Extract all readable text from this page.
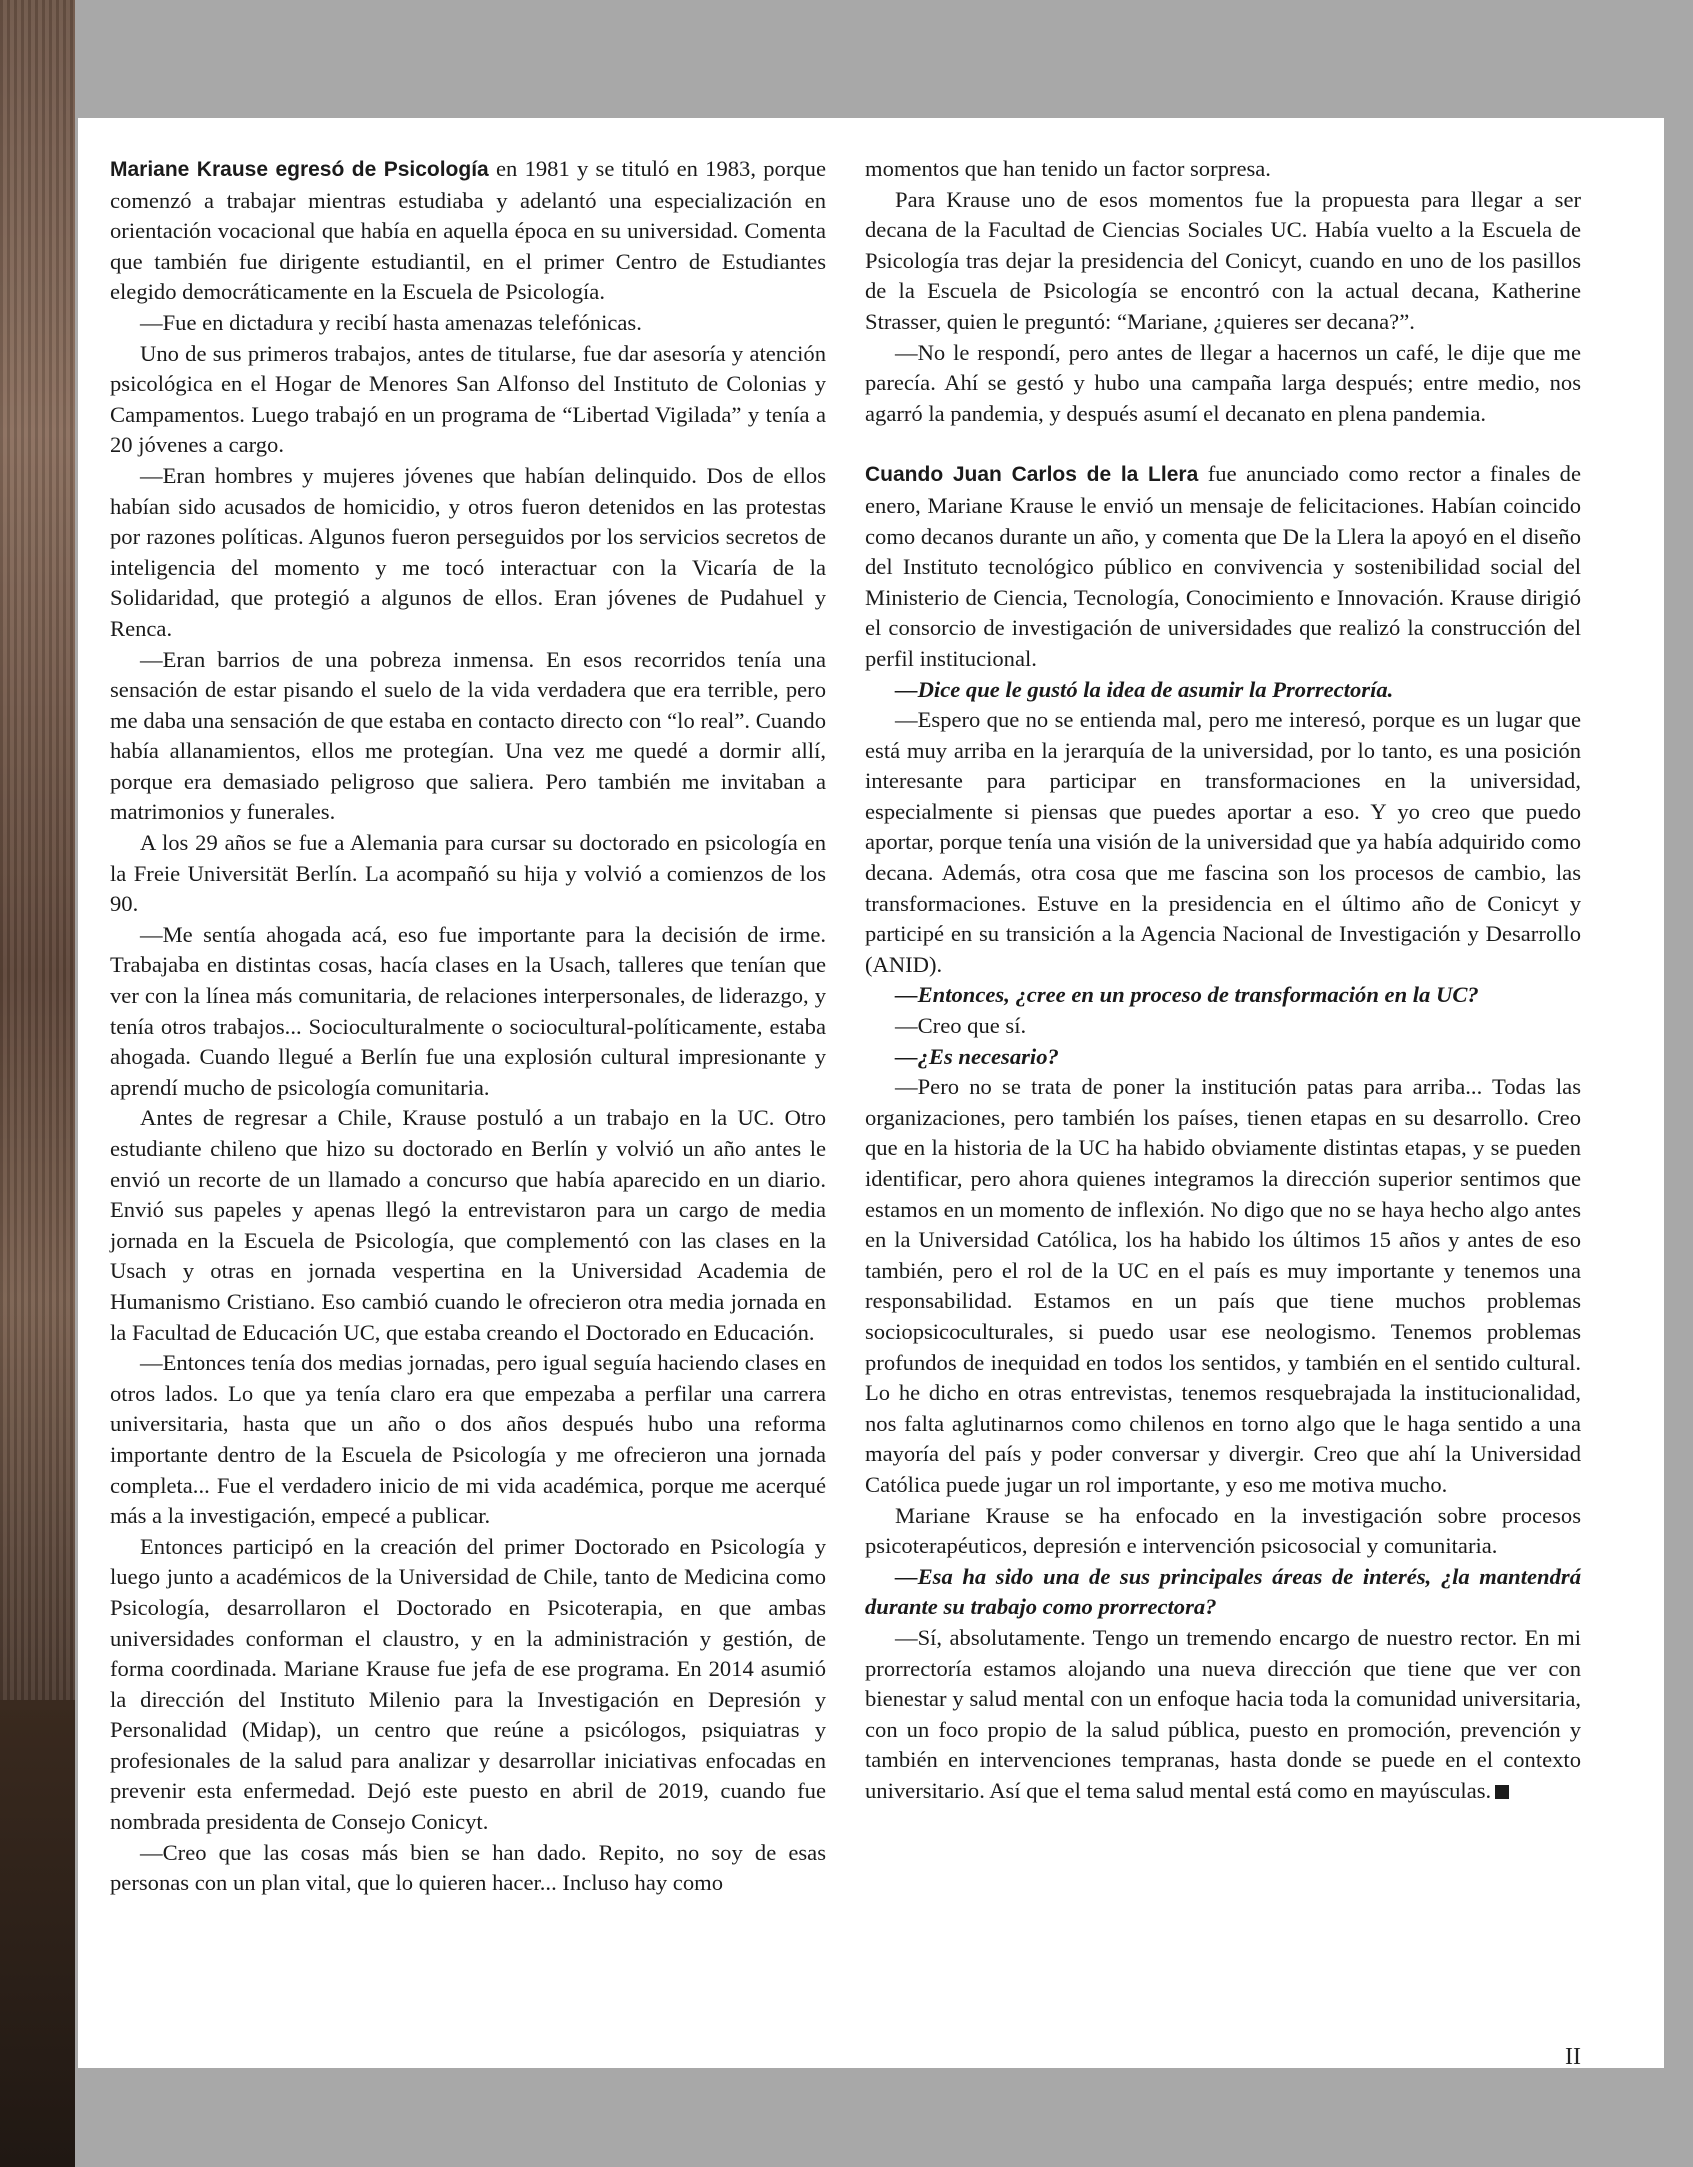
Mariane Krause egresó de Psicología en 1981 y se tituló en 1983, porque comenzó a trabajar mientras estudiaba y adelantó una especialización en orientación vocacional que había en aquella época en su universidad. Comenta que también fue dirigente estudiantil, en el primer Centro de Estudiantes elegido democráticamente en la Escuela de Psicología.

—Fue en dictadura y recibí hasta amenazas telefónicas.

Uno de sus primeros trabajos, antes de titularse, fue dar asesoría y atención psicológica en el Hogar de Menores San Alfonso del Instituto de Colonias y Campamentos. Luego trabajó en un programa de “Libertad Vigilada” y tenía a 20 jóvenes a cargo.

—Eran hombres y mujeres jóvenes que habían delinquido. Dos de ellos habían sido acusados de homicidio, y otros fueron detenidos en las protestas por razones políticas. Algunos fueron perseguidos por los servicios secretos de inteligencia del momento y me tocó interactuar con la Vicaría de la Solidaridad, que protegió a algunos de ellos. Eran jóvenes de Pudahuel y Renca.

—Eran barrios de una pobreza inmensa. En esos recorridos tenía una sensación de estar pisando el suelo de la vida verdadera que era terrible, pero me daba una sensación de que estaba en contacto directo con “lo real”. Cuando había allanamientos, ellos me protegían. Una vez me quedé a dormir allí, porque era demasiado peligroso que saliera. Pero también me invitaban a matrimonios y funerales.

A los 29 años se fue a Alemania para cursar su doctorado en psicología en la Freie Universität Berlín. La acompañó su hija y volvió a comienzos de los 90.

—Me sentía ahogada acá, eso fue importante para la decisión de irme. Trabajaba en distintas cosas, hacía clases en la Usach, talleres que tenían que ver con la línea más comunitaria, de relaciones interpersonales, de liderazgo, y tenía otros trabajos... Socioculturalmente o sociocultural-políticamente, estaba ahogada. Cuando llegué a Berlín fue una explosión cultural impresionante y aprendí mucho de psicología comunitaria.

Antes de regresar a Chile, Krause postuló a un trabajo en la UC. Otro estudiante chileno que hizo su doctorado en Berlín y volvió un año antes le envió un recorte de un llamado a concurso que había aparecido en un diario. Envió sus papeles y apenas llegó la entrevistaron para un cargo de media jornada en la Escuela de Psicología, que complementó con las clases en la Usach y otras en jornada vespertina en la Universidad Academia de Humanismo Cristiano. Eso cambió cuando le ofrecieron otra media jornada en la Facultad de Educación UC, que estaba creando el Doctorado en Educación.

—Entonces tenía dos medias jornadas, pero igual seguía haciendo clases en otros lados. Lo que ya tenía claro era que empezaba a perfilar una carrera universitaria, hasta que un año o dos años después hubo una reforma importante dentro de la Escuela de Psicología y me ofrecieron una jornada completa... Fue el verdadero inicio de mi vida académica, porque me acerqué más a la investigación, empecé a publicar.

Entonces participó en la creación del primer Doctorado en Psicología y luego junto a académicos de la Universidad de Chile, tanto de Medicina como Psicología, desarrollaron el Doctorado en Psicoterapia, en que ambas universidades conforman el claustro, y en la administración y gestión, de forma coordinada. Mariane Krause fue jefa de ese programa. En 2014 asumió la dirección del Instituto Milenio para la Investigación en Depresión y Personalidad (Midap), un centro que reúne a psicólogos, psiquiatras y profesionales de la salud para analizar y desarrollar iniciativas enfocadas en prevenir esta enfermedad. Dejó este puesto en abril de 2019, cuando fue nombrada presidenta de Consejo Conicyt.

—Creo que las cosas más bien se han dado. Repito, no soy de esas personas con un plan vital, que lo quieren hacer... Incluso hay como

momentos que han tenido un factor sorpresa.

Para Krause uno de esos momentos fue la propuesta para llegar a ser decana de la Facultad de Ciencias Sociales UC. Había vuelto a la Escuela de Psicología tras dejar la presidencia del Conicyt, cuando en uno de los pasillos de la Escuela de Psicología se encontró con la actual decana, Katherine Strasser, quien le preguntó: “Mariane, ¿quieres ser decana?”.

—No le respondí, pero antes de llegar a hacernos un café, le dije que me parecía. Ahí se gestó y hubo una campaña larga después; entre medio, nos agarró la pandemia, y después asumí el decanato en plena pandemia.

Cuando Juan Carlos de la Llera fue anunciado como rector a finales de enero, Mariane Krause le envió un mensaje de felicitaciones. Habían coincido como decanos durante un año, y comenta que De la Llera la apoyó en el diseño del Instituto tecnológico público en convivencia y sostenibilidad social del Ministerio de Ciencia, Tecnología, Conocimiento e Innovación. Krause dirigió el consorcio de investigación de universidades que realizó la construcción del perfil institucional.

—Dice que le gustó la idea de asumir la Prorrectoría.

—Espero que no se entienda mal, pero me interesó, porque es un lugar que está muy arriba en la jerarquía de la universidad, por lo tanto, es una posición interesante para participar en transformaciones en la universidad, especialmente si piensas que puedes aportar a eso. Y yo creo que puedo aportar, porque tenía una visión de la universidad que ya había adquirido como decana. Además, otra cosa que me fascina son los procesos de cambio, las transformaciones. Estuve en la presidencia en el último año de Conicyt y participé en su transición a la Agencia Nacional de Investigación y Desarrollo (ANID).

—Entonces, ¿cree en un proceso de transformación en la UC?

—Creo que sí.

—¿Es necesario?

—Pero no se trata de poner la institución patas para arriba... Todas las organizaciones, pero también los países, tienen etapas en su desarrollo. Creo que en la historia de la UC ha habido obviamente distintas etapas, y se pueden identificar, pero ahora quienes integramos la dirección superior sentimos que estamos en un momento de inflexión. No digo que no se haya hecho algo antes en la Universidad Católica, los ha habido los últimos 15 años y antes de eso también, pero el rol de la UC en el país es muy importante y tenemos una responsabilidad. Estamos en un país que tiene muchos problemas sociopsicoculturales, si puedo usar ese neologismo. Tenemos problemas profundos de inequidad en todos los sentidos, y también en el sentido cultural. Lo he dicho en otras entrevistas, tenemos resquebrajada la institucionalidad, nos falta aglutinarnos como chilenos en torno algo que le haga sentido a una mayoría del país y poder conversar y divergir. Creo que ahí la Universidad Católica puede jugar un rol importante, y eso me motiva mucho.

Mariane Krause se ha enfocado en la investigación sobre procesos psicoterapéuticos, depresión e intervención psicosocial y comunitaria.

—Esa ha sido una de sus principales áreas de interés, ¿la mantendrá durante su trabajo como prorrectora?

—Sí, absolutamente. Tengo un tremendo encargo de nuestro rector. En mi prorrectoría estamos alojando una nueva dirección que tiene que ver con bienestar y salud mental con un enfoque hacia toda la comunidad universitaria, con un foco propio de la salud pública, puesto en promoción, prevención y también en intervenciones tempranas, hasta donde se puede en el contexto universitario. Así que el tema salud mental está como en mayúsculas.

II
